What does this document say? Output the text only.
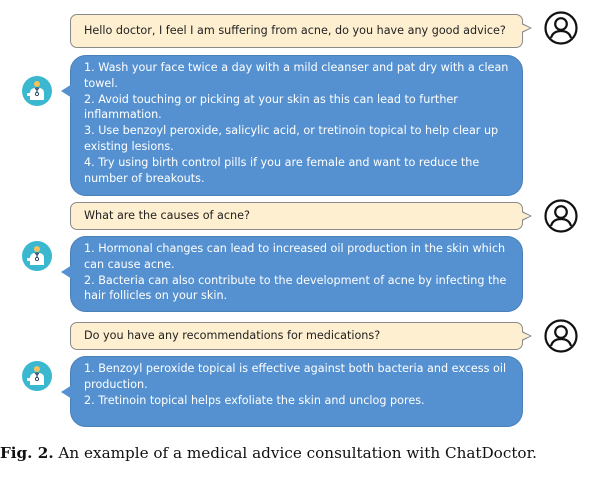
Hello doctor, I feel I am suffering from acne, do you have any good advice?
1. Wash your face twice a day with a mild cleanser and pat dry with a clean
towel.
2. Avoid touching or picking at your skin as this can lead to further
inflammation.
3. Use benzoyl peroxide, salicylic acid, or tretinoin topical to help clear up
existing lesions.
4. Try using birth control pills if you are female and want to reduce the
number of breakouts.
What are the causes of acne?
1. Hormonal changes can lead to increased oil production in the skin which
can cause acne.
2. Bacteria can also contribute to the development of acne by infecting the
hair follicles on your skin.
Do you have any recommendations for medications?
1. Benzoyl peroxide topical is effective against both bacteria and excess oil
production.
2. Tretinoin topical helps exfoliate the skin and unclog pores.
Fig. 2. An example of a medical advice consultation with ChatDoctor.
